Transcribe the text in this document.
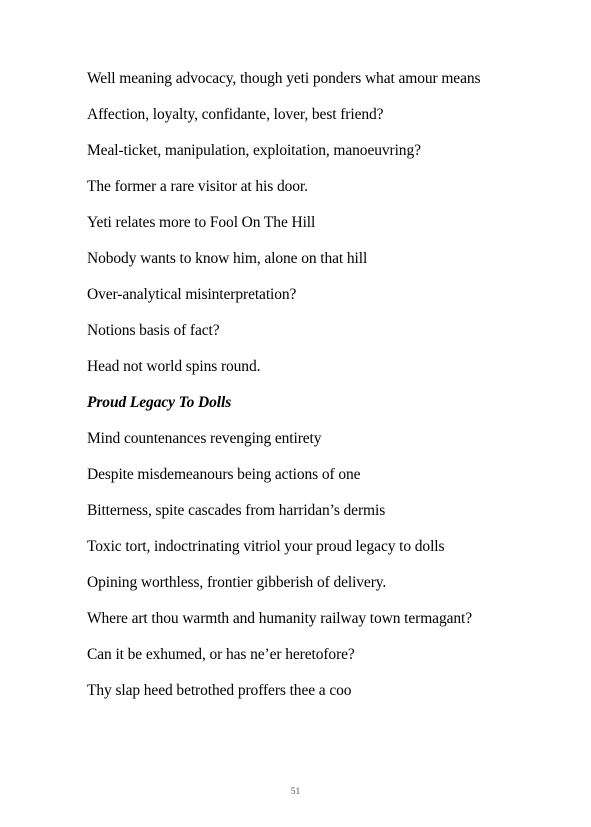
Well meaning advocacy, though yeti ponders what amour means

Affection, loyalty, confidante, lover, best friend?

Meal-ticket, manipulation, exploitation, manoeuvring?

The former a rare visitor at his door.

Yeti relates more to Fool On The Hill

Nobody wants to know him, alone on that hill

Over-analytical misinterpretation?

Notions basis of fact?

Head not world spins round.

Proud Legacy To Dolls

Mind countenances revenging entirety

Despite misdemeanours being actions of one

Bitterness, spite cascades from harridan’s dermis

Toxic tort, indoctrinating vitriol your proud legacy to dolls

Opining worthless, frontier gibberish of delivery.

Where art thou warmth and humanity railway town termagant?

Can it be exhumed, or has ne’er heretofore?

Thy slap heed betrothed proffers thee a coo

51
